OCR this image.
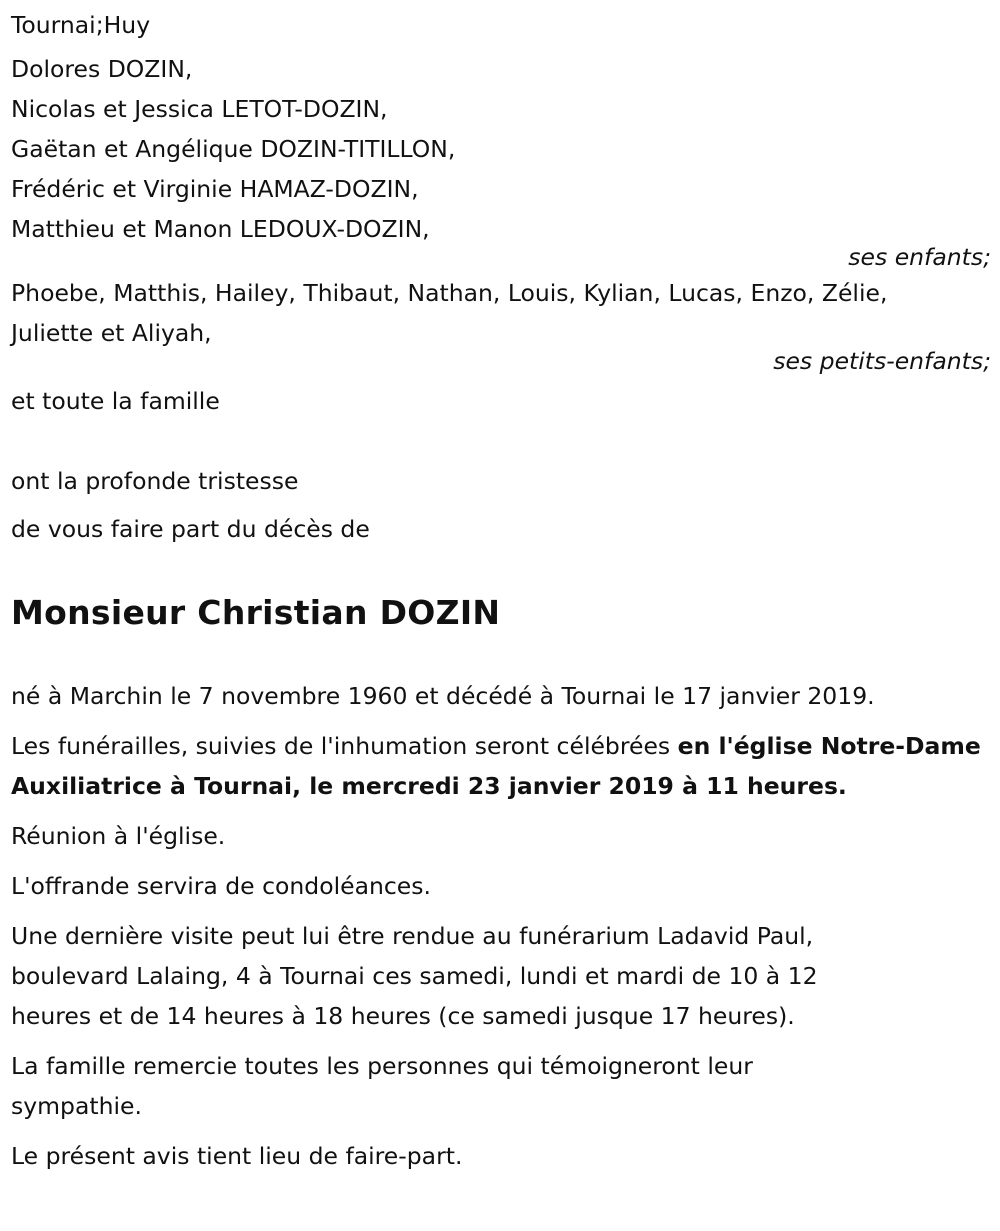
Tournai;Huy
Dolores DOZIN,
Nicolas et Jessica LETOT-DOZIN,
Gaëtan et Angélique DOZIN-TITILLON,
Frédéric et Virginie HAMAZ-DOZIN,
Matthieu et Manon LEDOUX-DOZIN,
ses enfants;
Phoebe, Matthis, Hailey, Thibaut, Nathan, Louis, Kylian, Lucas, Enzo, Zélie,
Juliette et Aliyah,
ses petits-enfants;
et toute la famille
ont la profonde tristesse
de vous faire part du décès de
Monsieur Christian DOZIN
né à Marchin le 7 novembre 1960 et décédé à Tournai le 17 janvier 2019.
Les funérailles, suivies de l'inhumation seront célébrées en l'église Notre-Dame Auxiliatrice à Tournai, le mercredi 23 janvier 2019 à 11 heures.
Réunion à l'église.
L'offrande servira de condoléances.
Une dernière visite peut lui être rendue au funérarium Ladavid Paul,
boulevard Lalaing, 4 à Tournai ces samedi, lundi et mardi de 10 à 12
heures et de 14 heures à 18 heures (ce samedi jusque 17 heures).
La famille remercie toutes les personnes qui témoigneront leur
sympathie.
Le présent avis tient lieu de faire-part.
